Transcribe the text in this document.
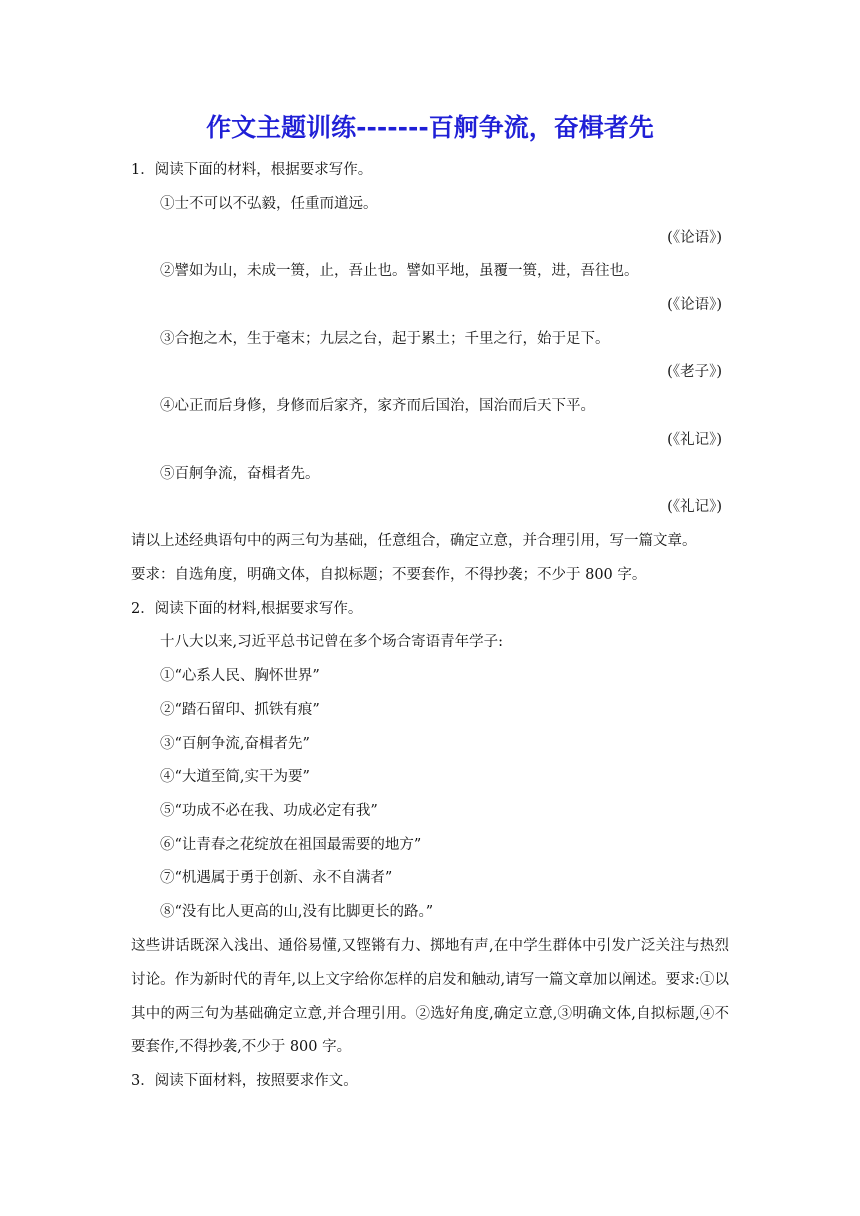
作文主题训练-------百舸争流，奋楫者先
1．阅读下面的材料，根据要求写作。
①士不可以不弘毅，任重而道远。
(《论语》)
②譬如为山，未成一篑，止，吾止也。譬如平地，虽覆一篑，进，吾往也。
(《论语》)
③合抱之木，生于毫末；九层之台，起于累土；千里之行，始于足下。
(《老子》)
④心正而后身修，身修而后家齐，家齐而后国治，国治而后天下平。
(《礼记》)
⑤百舸争流，奋楫者先。
(《礼记》)
请以上述经典语句中的两三句为基础，任意组合，确定立意，并合理引用，写一篇文章。
要求：自选角度，明确文体，自拟标题；不要套作，不得抄袭；不少于 800 字。
2．阅读下面的材料,根据要求写作。
十八大以来,习近平总书记曾在多个场合寄语青年学子:
①“心系人民、胸怀世界”
②“踏石留印、抓铁有痕”
③“百舸争流,奋楫者先”
④“大道至简,实干为要”
⑤“功成不必在我、功成必定有我”
⑥“让青春之花绽放在祖国最需要的地方”
⑦“机遇属于勇于创新、永不自满者”
⑧“没有比人更高的山,没有比脚更长的路。”
这些讲话既深入浅出、通俗易懂,又铿锵有力、掷地有声,在中学生群体中引发广泛关注与热烈讨论。作为新时代的青年,以上文字给你怎样的启发和触动,请写一篇文章加以阐述。要求:①以其中的两三句为基础确定立意,并合理引用。②选好角度,确定立意,③明确文体,自拟标题,④不要套作,不得抄袭,不少于 800 字。
3．阅读下面材料，按照要求作文。
